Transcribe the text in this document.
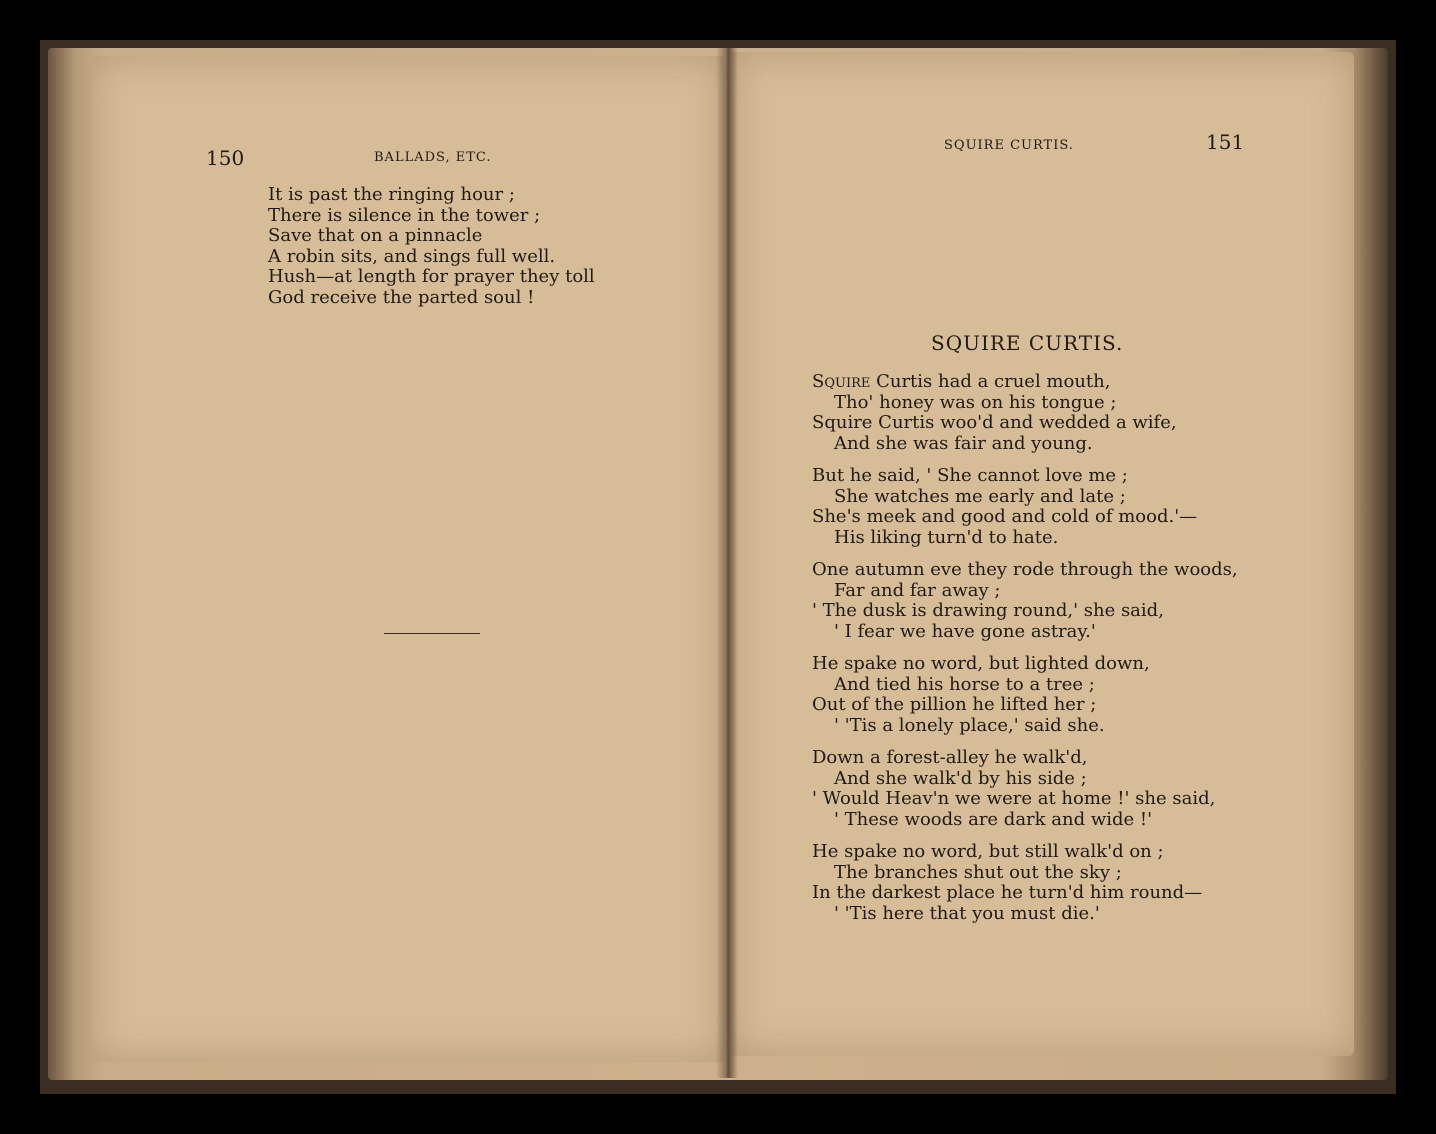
150	BALLADS, ETC.
It is past the ringing hour ;
There is silence in the tower ;
Save that on a pinnacle
A robin sits, and sings full well.
Hush—at length for prayer they toll
God receive the parted soul !
SQUIRE CURTIS.	151
SQUIRE CURTIS.
Squire Curtis had a cruel mouth,
Tho' honey was on his tongue ;
Squire Curtis woo'd and wedded a wife,
And she was fair and young.
But he said, ' She cannot love me ;
She watches me early and late ;
She's meek and good and cold of mood.'—
His liking turn'd to hate.
One autumn eve they rode through the woods,
Far and far away ;
' The dusk is drawing round,' she said,
' I fear we have gone astray.'
He spake no word, but lighted down,
And tied his horse to a tree ;
Out of the pillion he lifted her ;
' 'Tis a lonely place,' said she.
Down a forest-alley he walk'd,
And she walk'd by his side ;
' Would Heav'n we were at home !' she said,
' These woods are dark and wide !'
He spake no word, but still walk'd on ;
The branches shut out the sky ;
In the darkest place he turn'd him round—
' 'Tis here that you must die.'
